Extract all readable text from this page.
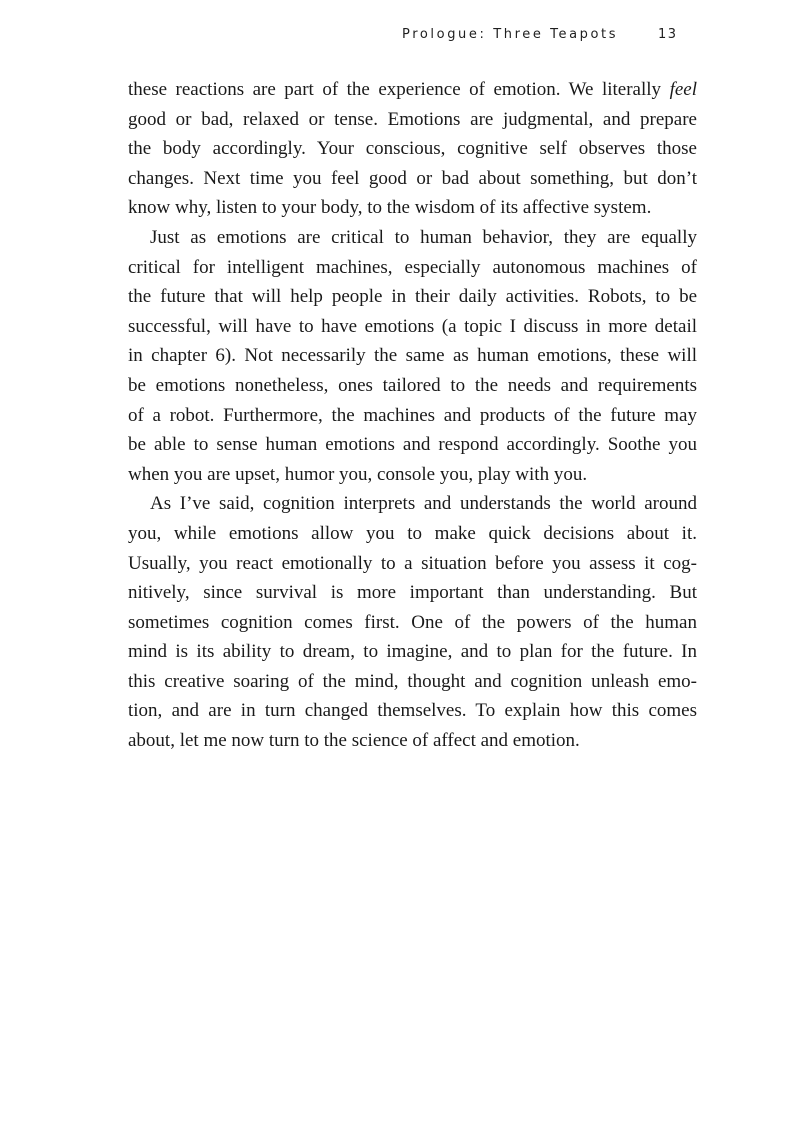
Prologue: Three Teapots	13
these reactions are part of the experience of emotion. We literally feel
good or bad, relaxed or tense. Emotions are judgmental, and prepare
the body accordingly. Your conscious, cognitive self observes those
changes. Next time you feel good or bad about something, but don’t
know why, listen to your body, to the wisdom of its affective system.
Just as emotions are critical to human behavior, they are equally
critical for intelligent machines, especially autonomous machines of
the future that will help people in their daily activities. Robots, to be
successful, will have to have emotions (a topic I discuss in more detail
in chapter 6). Not necessarily the same as human emotions, these will
be emotions nonetheless, ones tailored to the needs and requirements
of a robot. Furthermore, the machines and products of the future may
be able to sense human emotions and respond accordingly. Soothe you
when you are upset, humor you, console you, play with you.
As I’ve said, cognition interprets and understands the world around
you, while emotions allow you to make quick decisions about it.
Usually, you react emotionally to a situation before you assess it cog-
nitively, since survival is more important than understanding. But
sometimes cognition comes first. One of the powers of the human
mind is its ability to dream, to imagine, and to plan for the future. In
this creative soaring of the mind, thought and cognition unleash emo-
tion, and are in turn changed themselves. To explain how this comes
about, let me now turn to the science of affect and emotion.
